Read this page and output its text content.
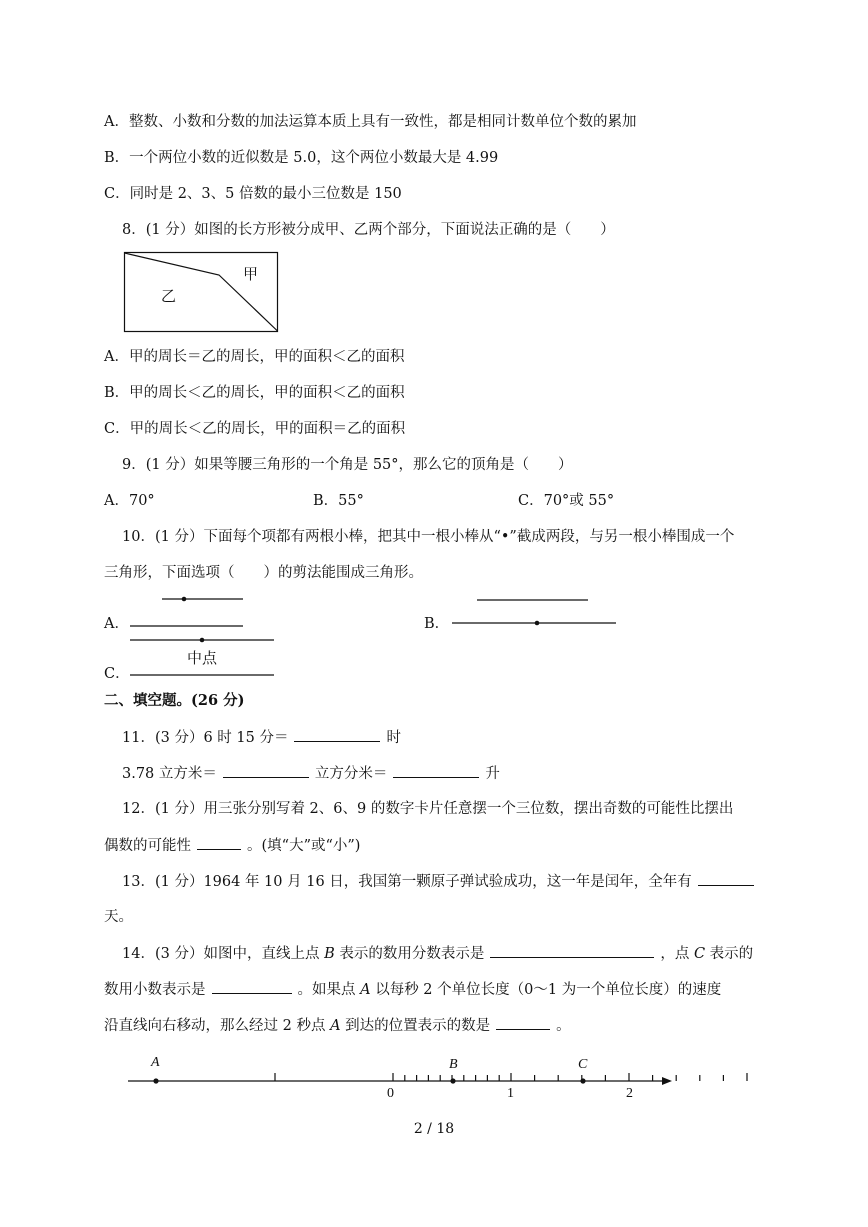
A．整数、小数和分数的加法运算本质上具有一致性，都是相同计数单位个数的累加
B．一个两位小数的近似数是 5.0，这个两位小数最大是 4.99
C．同时是 2、3、5 倍数的最小三位数是 150
8．(1 分）如图的长方形被分成甲、乙两个部分，下面说法正确的是（　　）
甲
乙
A．甲的周长＝乙的周长，甲的面积＜乙的面积
B．甲的周长＜乙的周长，甲的面积＜乙的面积
C．甲的周长＜乙的周长，甲的面积＝乙的面积
9．(1 分）如果等腰三角形的一个角是 55°，那么它的顶角是（　　）
A．70°	B．55°	C．70°或 55°
10．(1 分）下面每个项都有两根小棒，把其中一根小棒从“•”截成两段，与另一根小棒围成一个
三角形，下面选项（　　）的剪法能围成三角形。
A．	B．
C．
中点
二、填空题。(26 分)
11．(3 分）6 时 15 分＝	时
3.78 立方米＝	立方分米＝	升
12．(1 分）用三张分别写着 2、6、9 的数字卡片任意摆一个三位数，摆出奇数的可能性比摆出
偶数的可能性	。(填“大”或“小”)
13．(1 分）1964 年 10 月 16 日，我国第一颗原子弹试验成功，这一年是闰年，全年有
天。
14．(3 分）如图中，直线上点 B 表示的数用分数表示是	，点 C 表示的
数用小数表示是	。如果点 A 以每秒 2 个单位长度（0～1 为一个单位长度）的速度
沿直线向右移动，那么经过 2 秒点 A 到达的位置表示的数是	。
A	B	C
0	1	2
2 / 18
